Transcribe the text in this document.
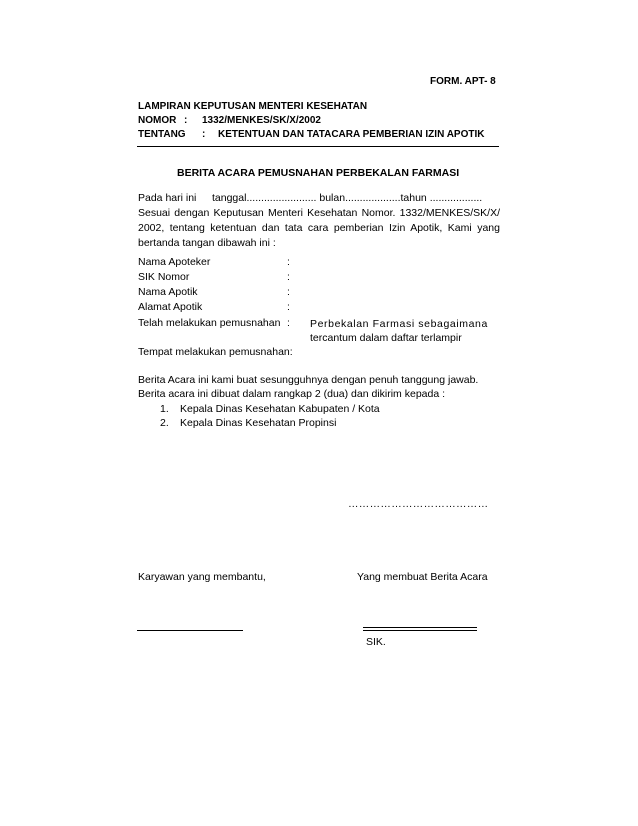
FORM. APT- 8
LAMPIRAN KEPUTUSAN MENTERI KESEHATAN
NOMOR : 1332/MENKES/SK/X/2002
TENTANG : KETENTUAN DAN TATACARA PEMBERIAN IZIN APOTIK
BERITA ACARA PEMUSNAHAN PERBEKALAN FARMASI
Pada hari ini tanggal........................ bulan...................tahun ..................
Sesuai dengan Keputusan Menteri Kesehatan Nomor. 1332/MENKES/SK/X/
2002, tentang ketentuan dan tata cara pemberian Izin Apotik, Kami yang
bertanda tangan dibawah ini :
Nama Apoteker	:
SIK Nomor	:
Nama Apotik	:
Alamat Apotik	:
Telah melakukan pemusnahan : Perbekalan Farmasi sebagaimana
tercantum dalam daftar terlampir
Tempat melakukan pemusnahan:
Berita Acara ini kami buat sesungguhnya dengan penuh tanggung jawab.
Berita acara ini dibuat dalam rangkap 2 (dua) dan dikirim kepada :
1. Kepala Dinas Kesehatan Kabupaten / Kota
2. Kepala Dinas Kesehatan Propinsi
…………………………………
Karyawan yang membantu,	Yang membuat Berita Acara
SIK.
